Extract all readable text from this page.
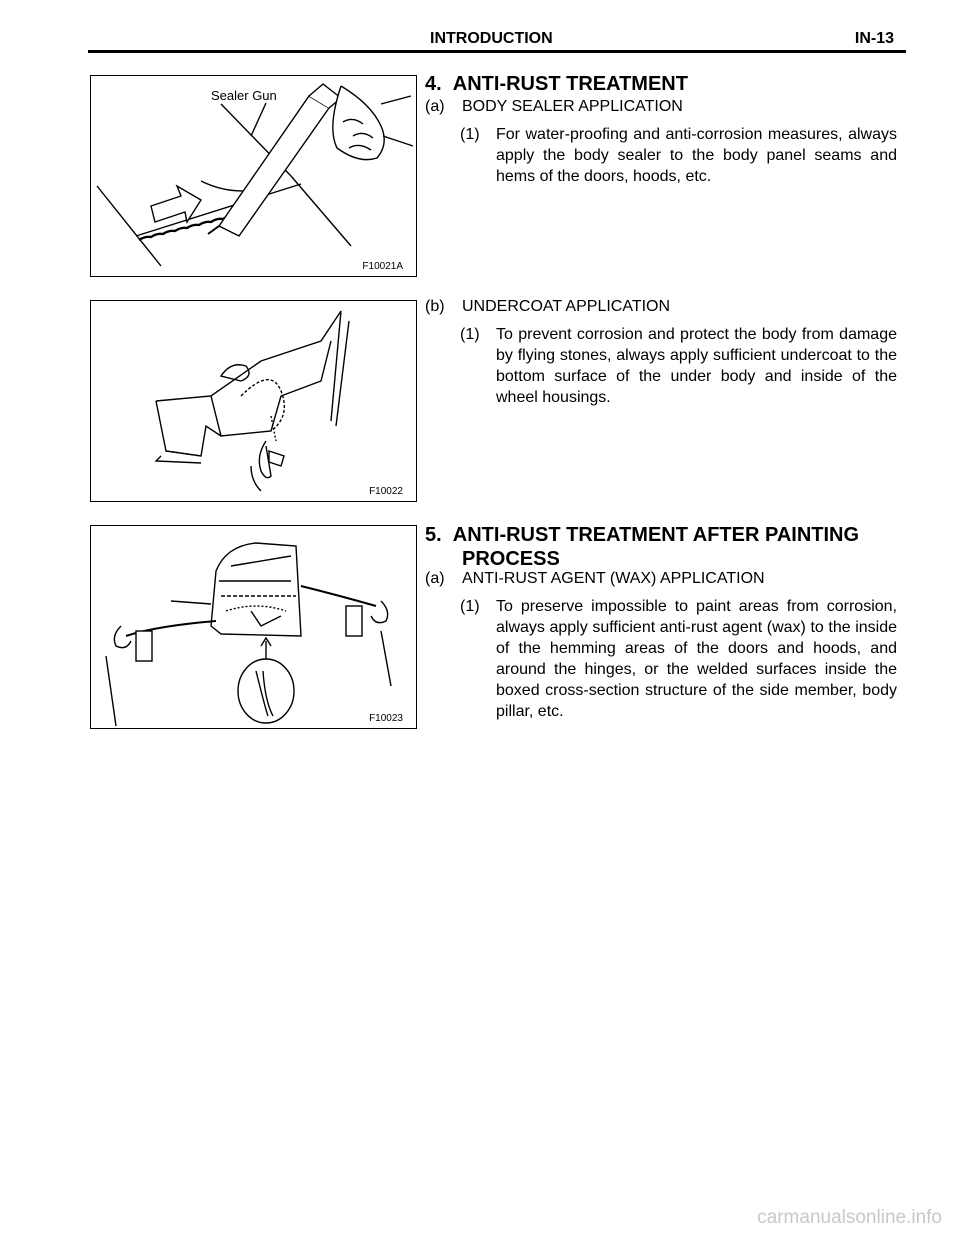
INTRODUCTION	IN-13
Sealer Gun
F10021A
F10022
F10023
4.  ANTI-RUST TREATMENT
(a) BODY SEALER APPLICATION
(1)	For water-proofing and anti-corrosion measures, always apply the body sealer to the body panel seams and hems of the doors, hoods, etc.
(b) UNDERCOAT APPLICATION
(1)	To prevent corrosion and protect the body from damage by flying stones, always apply sufficient undercoat to the bottom surface of the under body and inside of the wheel housings.
5.  ANTI-RUST TREATMENT AFTER PAINTING
PROCESS
(a) ANTI-RUST AGENT (WAX) APPLICATION
(1)	To preserve impossible to paint areas from corrosion, always apply sufficient anti-rust agent (wax) to the inside of the hemming areas of the doors and hoods, and around the hinges, or the welded surfaces inside the boxed cross-section structure of the side member, body pillar, etc.
carmanualsonline.info
